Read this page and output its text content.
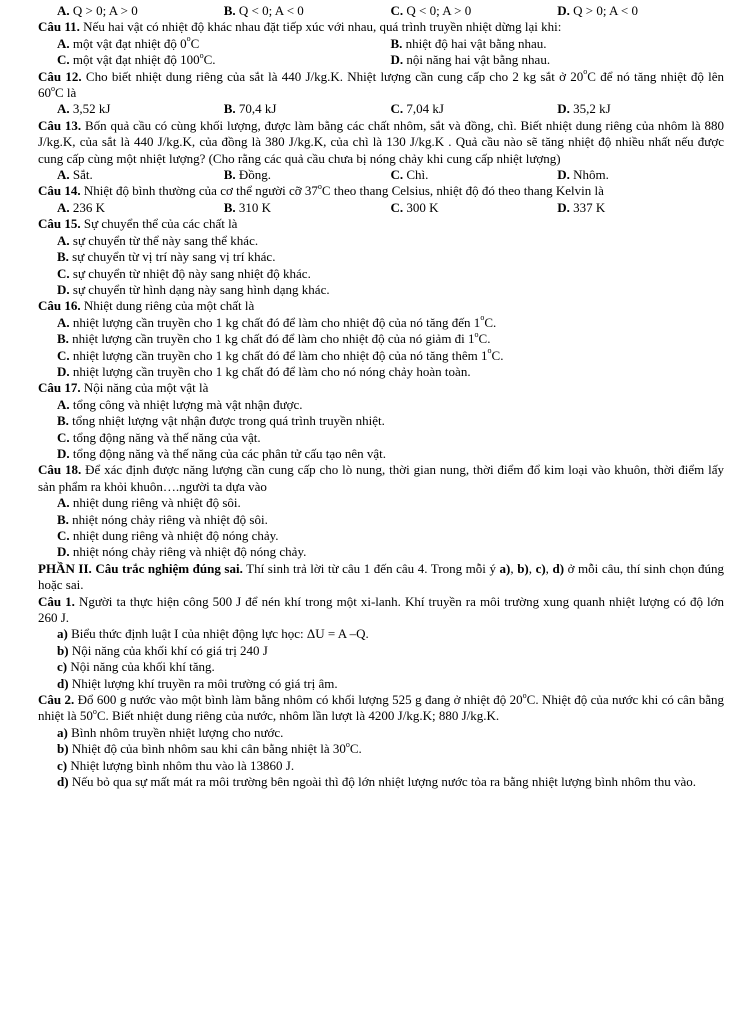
A. Q > 0; A > 0	B. Q < 0; A < 0	C. Q < 0; A > 0	D. Q > 0; A < 0

Câu 11. Nếu hai vật có nhiệt độ khác nhau đặt tiếp xúc với nhau, quá trình truyền nhiệt dừng lại khi:

A. một vật đạt nhiệt độ 0$^o$C	B. nhiệt độ hai vật bằng nhau.
C. một vật đạt nhiệt độ 100$^o$C.	D. nội năng hai vật bằng nhau.

Câu 12. Cho biết nhiệt dung riêng của sắt là 440 J/kg.K. Nhiệt lượng cần cung cấp cho 2 kg sắt ở 20$^o$C để nó tăng nhiệt độ lên 60$^o$C là

A. 3,52 kJ	B. 70,4 kJ	C. 7,04 kJ	D. 35,2 kJ

Câu 13. Bốn quả cầu có cùng khối lượng, được làm bằng các chất nhôm, sắt và đồng, chì. Biết nhiệt dung riêng của nhôm là 880 J/kg.K, của sắt là 440 J/kg.K, của đồng là 380 J/kg.K, của chì là 130 J/kg.K . Quả cầu nào sẽ tăng nhiệt độ nhiều nhất nếu được cung cấp cùng một nhiệt lượng? (Cho rằng các quả cầu chưa bị nóng chảy khi cung cấp nhiệt lượng)

A. Sắt.	B. Đồng.	C. Chì.	D. Nhôm.

Câu 14. Nhiệt độ bình thường của cơ thể người cỡ 37$^o$C theo thang Celsius, nhiệt độ đó theo thang Kelvin là

A. 236 K	B. 310 K	C. 300 K	D. 337 K

Câu 15. Sự chuyển thể của các chất là

A. sự chuyển từ thể này sang thể khác.
B. sự chuyển từ vị trí này sang vị trí khác.
C. sự chuyển từ nhiệt độ này sang nhiệt độ khác.
D. sự chuyển từ hình dạng này sang hình dạng khác.

Câu 16. Nhiệt dung riêng của một chất là

A. nhiệt lượng cần truyền cho 1 kg chất đó để làm cho nhiệt độ của nó tăng đến 1$^o$C.
B. nhiệt lượng cần truyền cho 1 kg chất đó để làm cho nhiệt độ của nó giảm đi 1$^o$C.
C. nhiệt lượng cần truyền cho 1 kg chất đó để làm cho nhiệt độ của nó tăng thêm 1$^o$C.
D. nhiệt lượng cần truyền cho 1 kg chất đó để làm cho nó nóng chảy hoàn toàn.

Câu 17. Nội năng của một vật là

A. tổng công và nhiệt lượng mà vật nhận được.
B. tổng nhiệt lượng vật nhận được trong quá trình truyền nhiệt.
C. tổng động năng và thế năng của vật.
D. tổng động năng và thế năng của các phân tử cấu tạo nên vật.

Câu 18. Để xác định được năng lượng cần cung cấp cho lò nung, thời gian nung, thời điểm đổ kim loại vào khuôn, thời điểm lấy sản phẩm ra khỏi khuôn….người ta dựa vào

A. nhiệt dung riêng và nhiệt độ sôi.
B. nhiệt nóng chảy riêng và nhiệt độ sôi.
C. nhiệt dung riêng và nhiệt độ nóng chảy.
D. nhiệt nóng chảy riêng và nhiệt độ nóng chảy.

PHẦN II. Câu trắc nghiệm đúng sai. Thí sinh trả lời từ câu 1 đến câu 4. Trong mỗi ý a), b), c), d) ở mỗi câu, thí sinh chọn đúng hoặc sai.

Câu 1. Người ta thực hiện công 500 J để nén khí trong một xi-lanh. Khí truyền ra môi trường xung quanh nhiệt lượng có độ lớn 260 J.

a) Biểu thức định luật I của nhiệt động lực học: ΔU = A –Q.
b) Nội năng của khối khí có giá trị 240 J
c) Nội năng của khối khí tăng.
d) Nhiệt lượng khí truyền ra môi trường có giá trị âm.

Câu 2. Đổ 600 g nước vào một bình làm bằng nhôm có khối lượng 525 g đang ở nhiệt độ 20$^o$C. Nhiệt độ của nước khi có cân bằng nhiệt là 50$^o$C. Biết nhiệt dung riêng của nước, nhôm lần lượt là 4200 J/kg.K; 880 J/kg.K.

a) Bình nhôm truyền nhiệt lượng cho nước.
b) Nhiệt độ của bình nhôm sau khi cân bằng nhiệt là 30$^o$C.
c) Nhiệt lượng bình nhôm thu vào là 13860 J.

d) Nếu bỏ qua sự mất mát ra môi trường bên ngoài thì độ lớn nhiệt lượng nước tỏa ra bằng nhiệt lượng bình nhôm thu vào.
